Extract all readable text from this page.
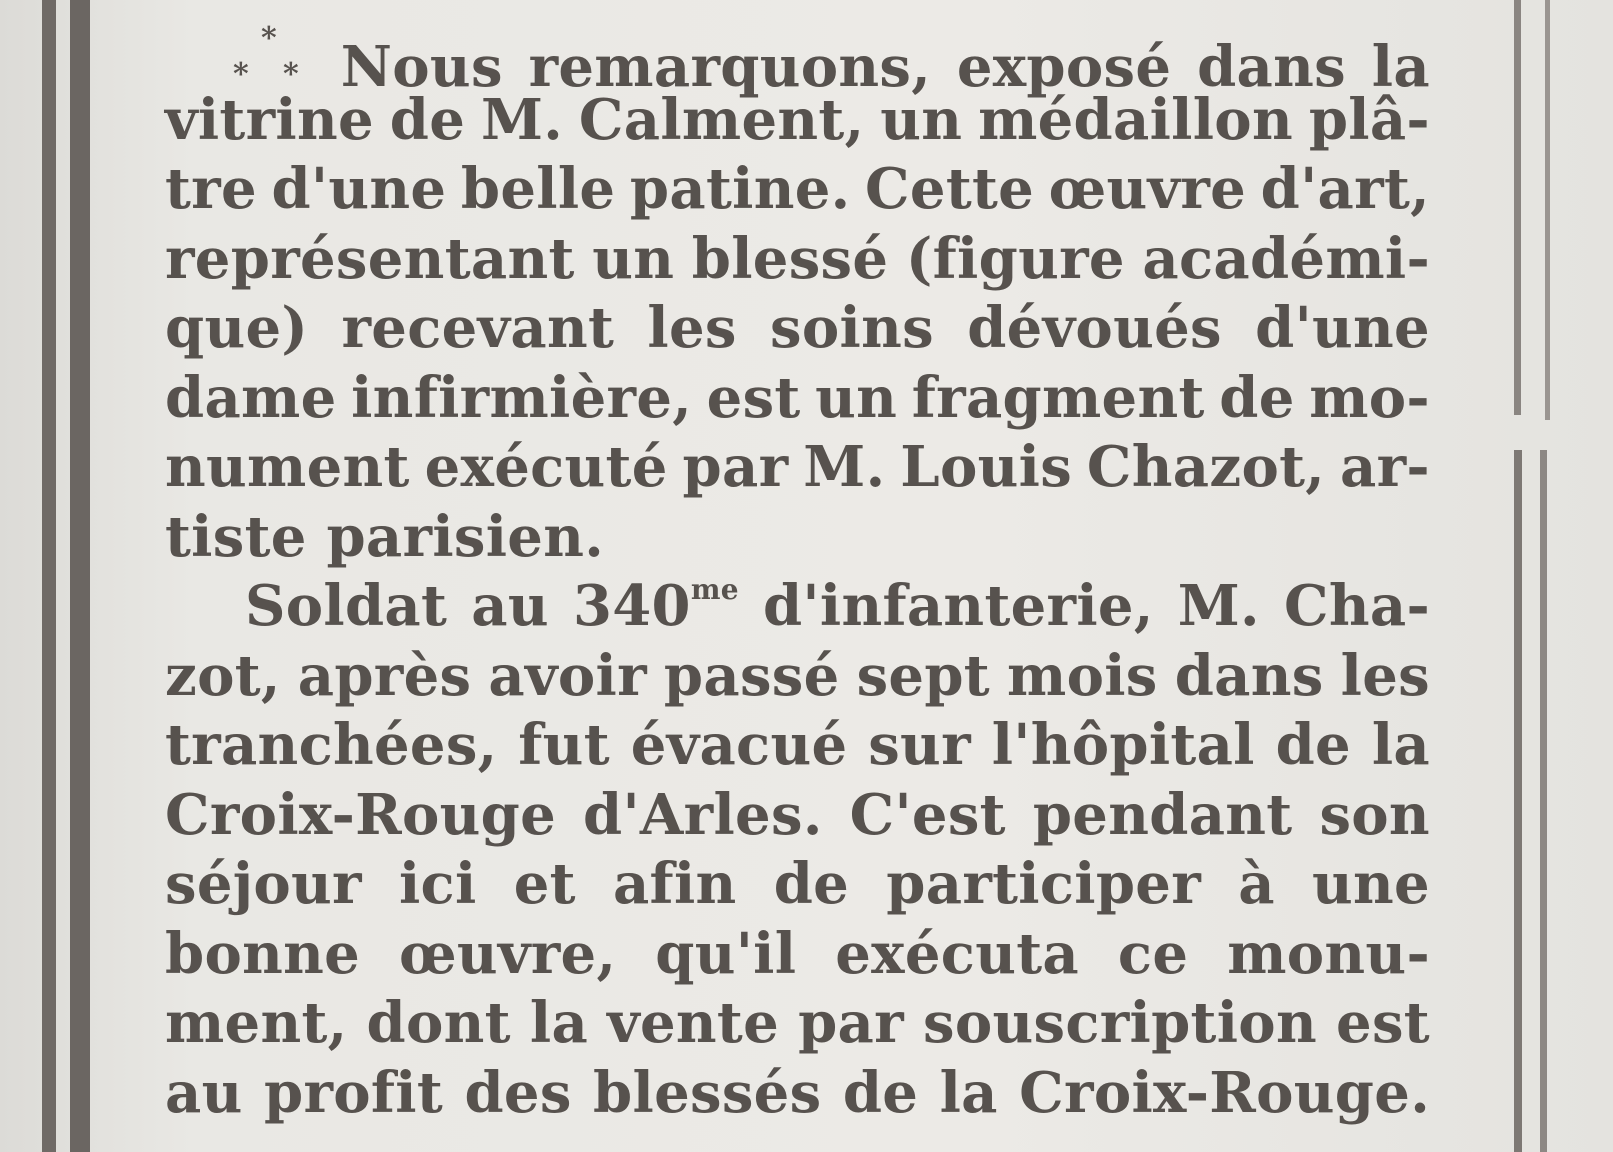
*
* * Nous remarquons, exposé dans la
vitrine de M. Calment, un médaillon plâ-
tre d'une belle patine. Cette œuvre d'art,
représentant un blessé (figure académi-
que) recevant les soins dévoués d'une
dame infirmière, est un fragment de mo-
nument exécuté par M. Louis Chazot, ar-
tiste
parisien.
Soldat au $340^{me}$ d'infanterie, M. Cha-
zot, après avoir passé sept mois dans les
tranchées, fut évacué sur l'hôpital de la
Croix-Rouge d'Arles. C'est pendant son
séjour ici et afin de participer à une
bonne œuvre, qu'il exécuta ce monu-
ment, dont la vente par souscription est
au profit des blessés de la Croix-Rouge.
